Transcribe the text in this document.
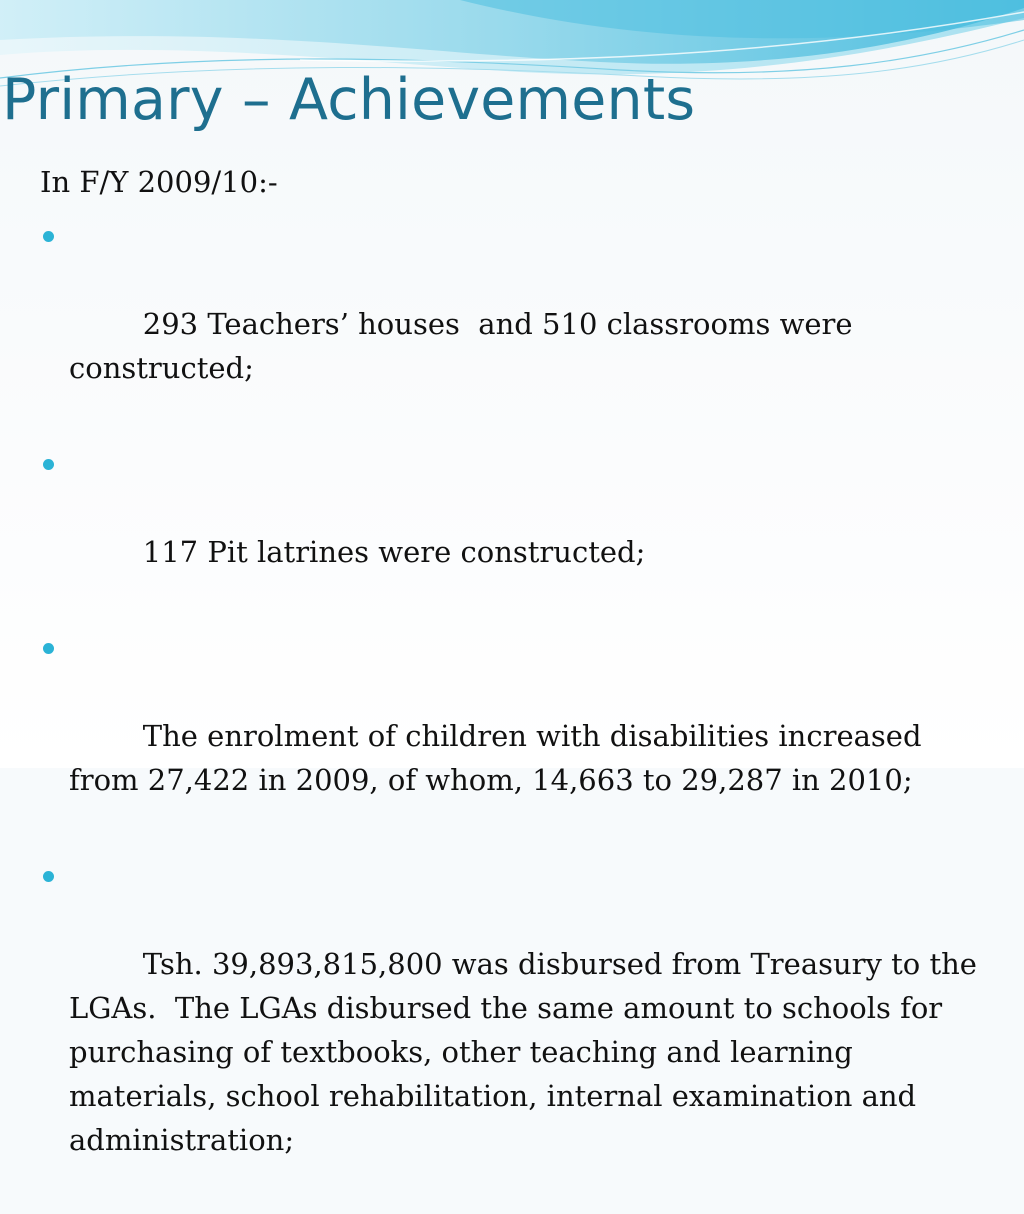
Primary – Achievements

In F/Y 2009/10:-

293 Teachers’ houses  and 510 classrooms were constructed;

117 Pit latrines were constructed;

The enrolment of children with disabilities increased from 27,422 in 2009, of whom, 14,663 to 29,287 in 2010;

Tsh. 39,893,815,800 was disbursed from Treasury to the LGAs.  The LGAs disbursed the same amount to schools for purchasing of textbooks, other teaching and learning materials, school rehabilitation, internal examination and administration;
